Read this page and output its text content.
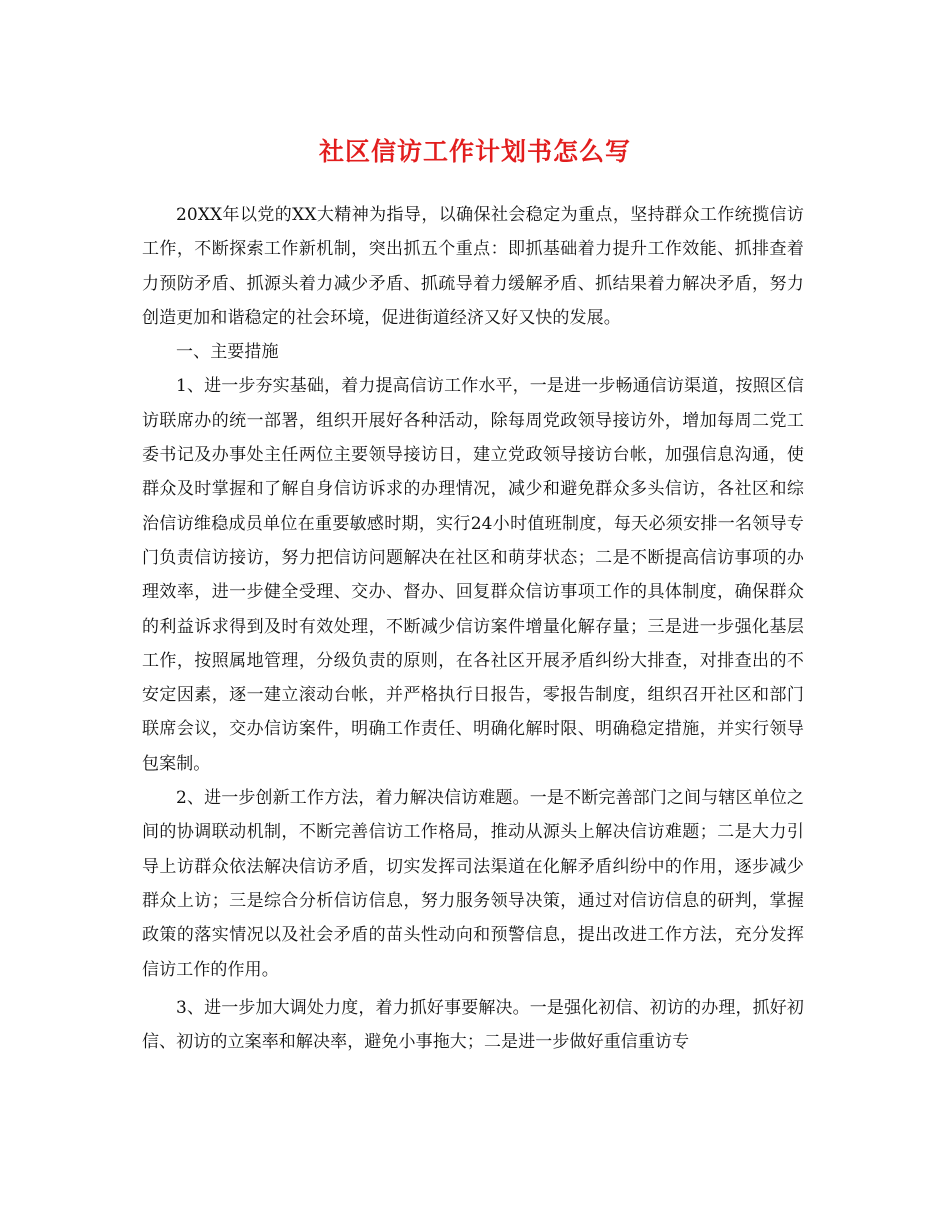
社区信访工作计划书怎么写

20XX年以党的XX大精神为指导，以确保社会稳定为重点，坚持群众工作统揽信访工作，不断探索工作新机制，突出抓五个重点：即抓基础着力提升工作效能、抓排查着力预防矛盾、抓源头着力减少矛盾、抓疏导着力缓解矛盾、抓结果着力解决矛盾，努力创造更加和谐稳定的社会环境，促进街道经济又好又快的发展。

一、主要措施

1、进一步夯实基础，着力提高信访工作水平，一是进一步畅通信访渠道，按照区信访联席办的统一部署，组织开展好各种活动，除每周党政领导接访外，增加每周二党工委书记及办事处主任两位主要领导接访日，建立党政领导接访台帐，加强信息沟通，使群众及时掌握和了解自身信访诉求的办理情况，减少和避免群众多头信访，各社区和综治信访维稳成员单位在重要敏感时期，实行24小时值班制度，每天必须安排一名领导专门负责信访接访，努力把信访问题解决在社区和萌芽状态；二是不断提高信访事项的办理效率，进一步健全受理、交办、督办、回复群众信访事项工作的具体制度，确保群众的利益诉求得到及时有效处理，不断减少信访案件增量化解存量；三是进一步强化基层工作，按照属地管理，分级负责的原则，在各社区开展矛盾纠纷大排查，对排查出的不安定因素，逐一建立滚动台帐，并严格执行日报告，零报告制度，组织召开社区和部门联席会议，交办信访案件，明确工作责任、明确化解时限、明确稳定措施，并实行领导包案制。

2、进一步创新工作方法，着力解决信访难题。一是不断完善部门之间与辖区单位之间的协调联动机制，不断完善信访工作格局，推动从源头上解决信访难题；二是大力引导上访群众依法解决信访矛盾，切实发挥司法渠道在化解矛盾纠纷中的作用，逐步减少群众上访；三是综合分析信访信息，努力服务领导决策，通过对信访信息的研判，掌握政策的落实情况以及社会矛盾的苗头性动向和预警信息，提出改进工作方法，充分发挥信访工作的作用。

3、进一步加大调处力度，着力抓好事要解决。一是强化初信、初访的办理，抓好初信、初访的立案率和解决率，避免小事拖大；二是进一步做好重信重访专
